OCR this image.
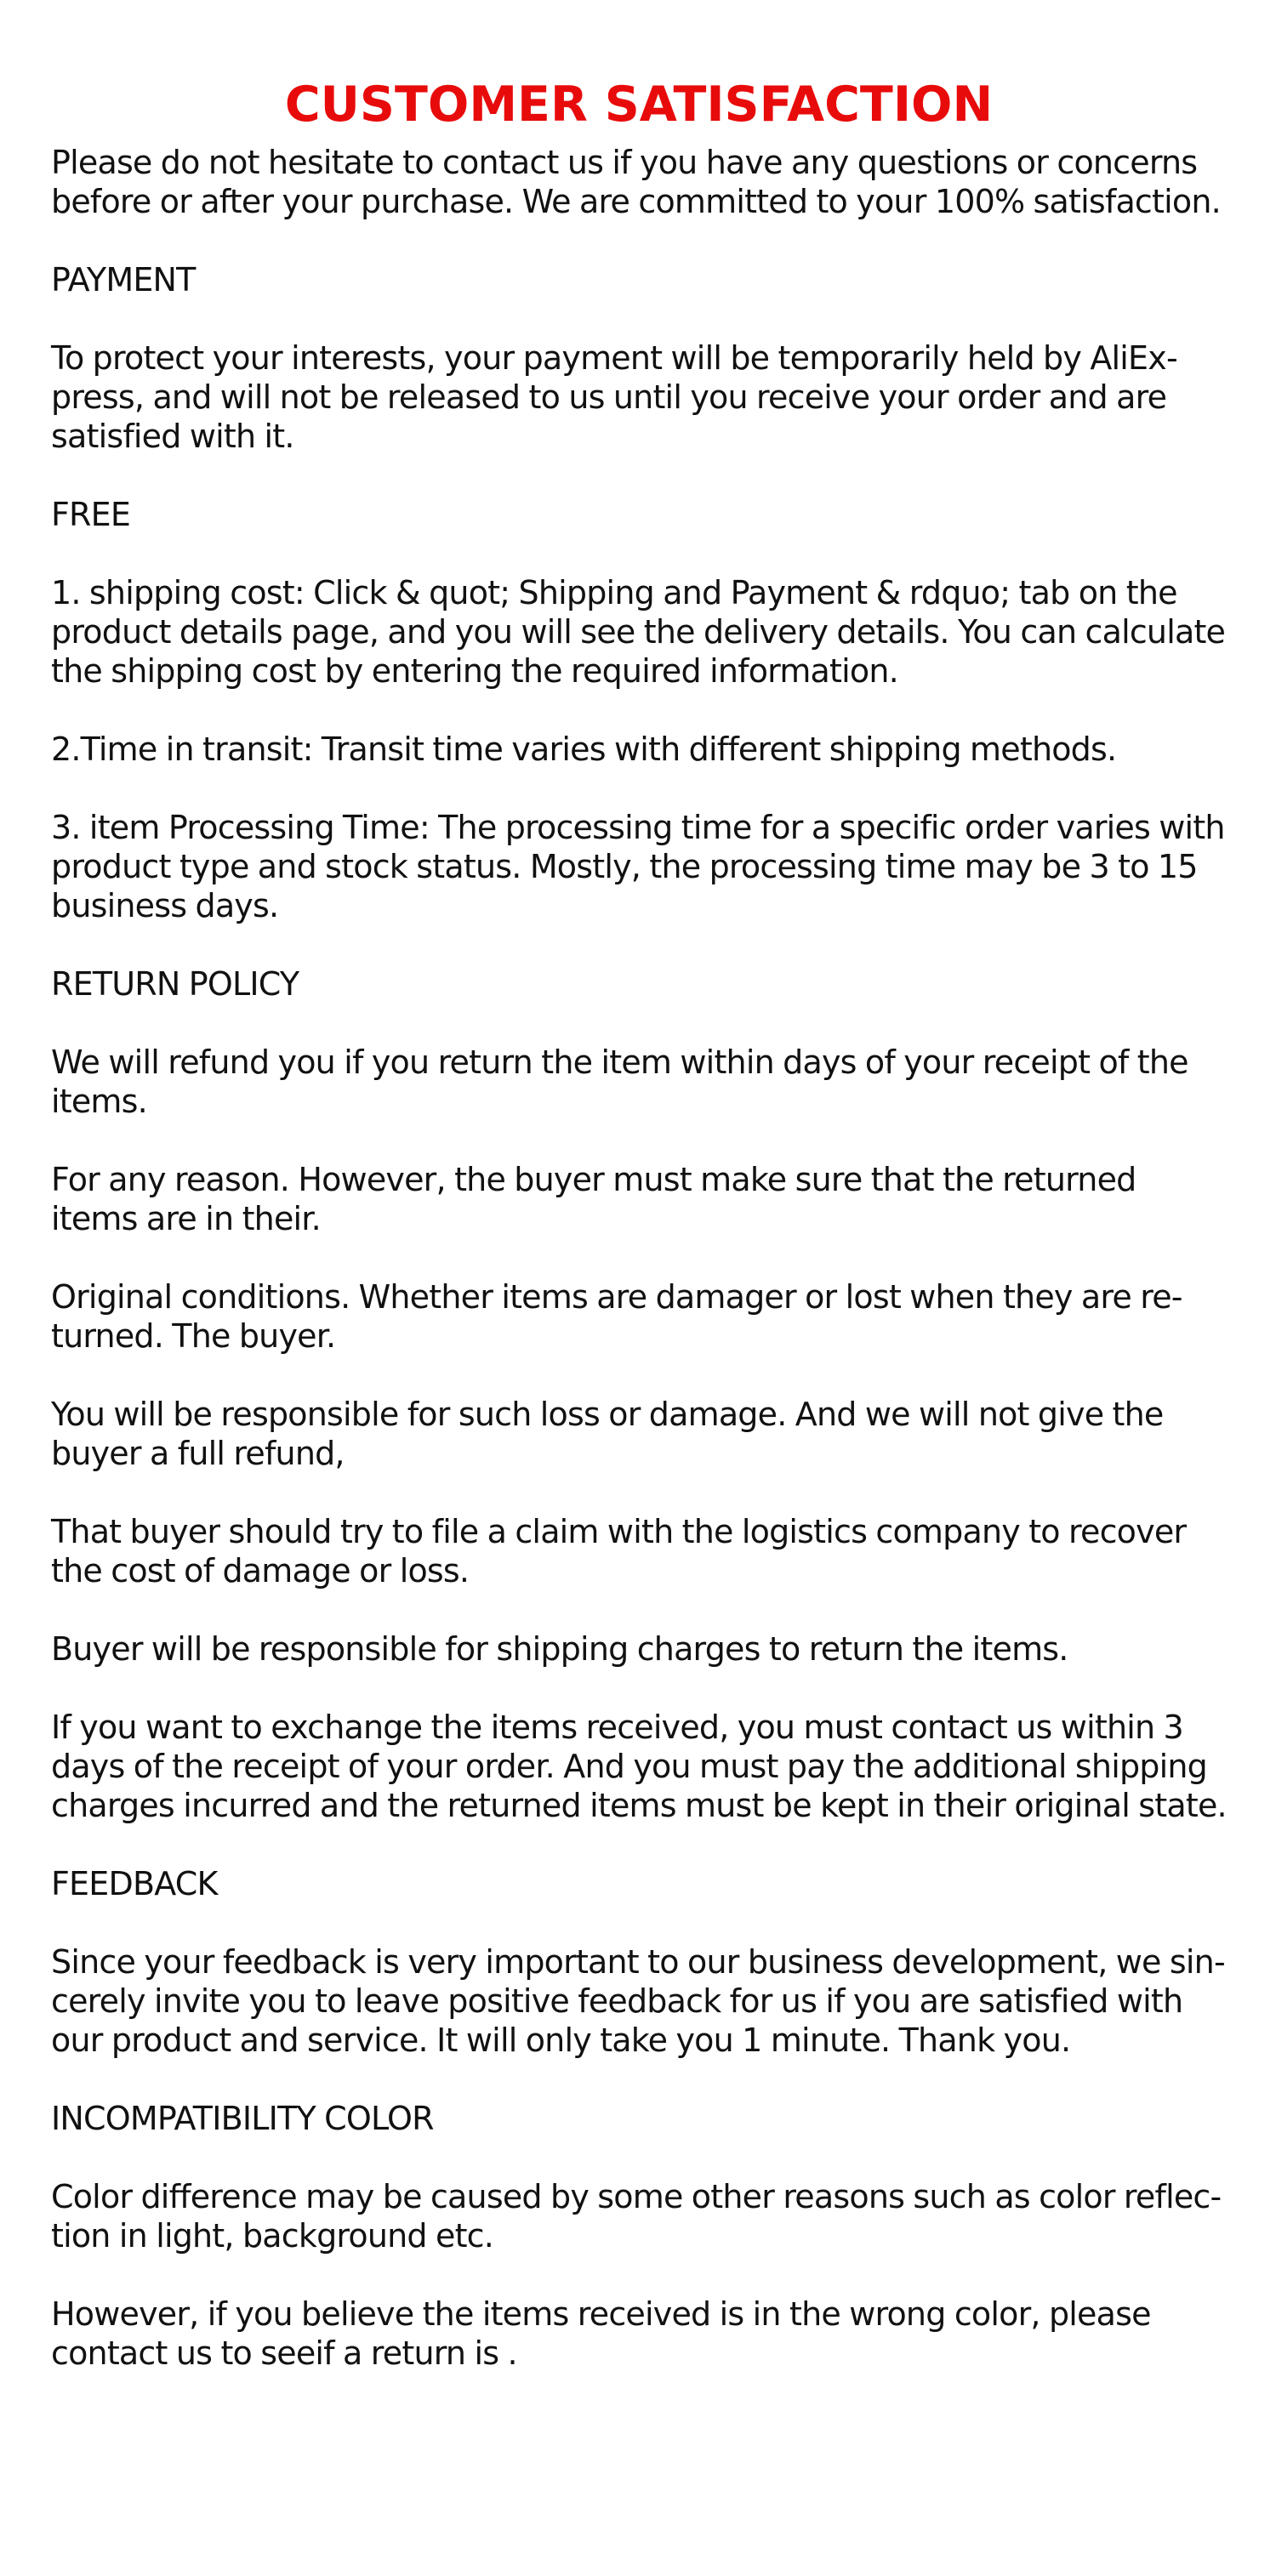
CUSTOMER SATISFACTION

Please do not hesitate to contact us if you have any questions or concerns before or after your purchase. We are committed to your 100% satisfaction.

PAYMENT

To protect your interests, your payment will be temporarily held by AliExpress, and will not be released to us until you receive your order and are satisfied with it.

FREE

1. shipping cost: Click & quot; Shipping and Payment & rdquo; tab on the product details page, and you will see the delivery details. You can calculate the shipping cost by entering the required information.

2.Time in transit: Transit time varies with different shipping methods.

3. item Processing Time: The processing time for a specific order varies with product type and stock status. Mostly, the processing time may be 3 to 15 business days.

RETURN POLICY

We will refund you if you return the item within days of your receipt of the items.

For any reason. However, the buyer must make sure that the returned items are in their.

Original conditions. Whether items are damager or lost when they are returned. The buyer.

You will be responsible for such loss or damage. And we will not give the buyer a full refund,

That buyer should try to file a claim with the logistics company to recover the cost of damage or loss.

Buyer will be responsible for shipping charges to return the items.

If you want to exchange the items received, you must contact us within 3 days of the receipt of your order. And you must pay the additional shipping charges incurred and the returned items must be kept in their original state.

FEEDBACK

Since your feedback is very important to our business development, we sincerely invite you to leave positive feedback for us if you are satisfied with our product and service. It will only take you 1 minute. Thank you.

INCOMPATIBILITY COLOR

Color difference may be caused by some other reasons such as color reflection in light, background etc.

However, if you believe the items received is in the wrong color, please contact us to seeif a return is .
